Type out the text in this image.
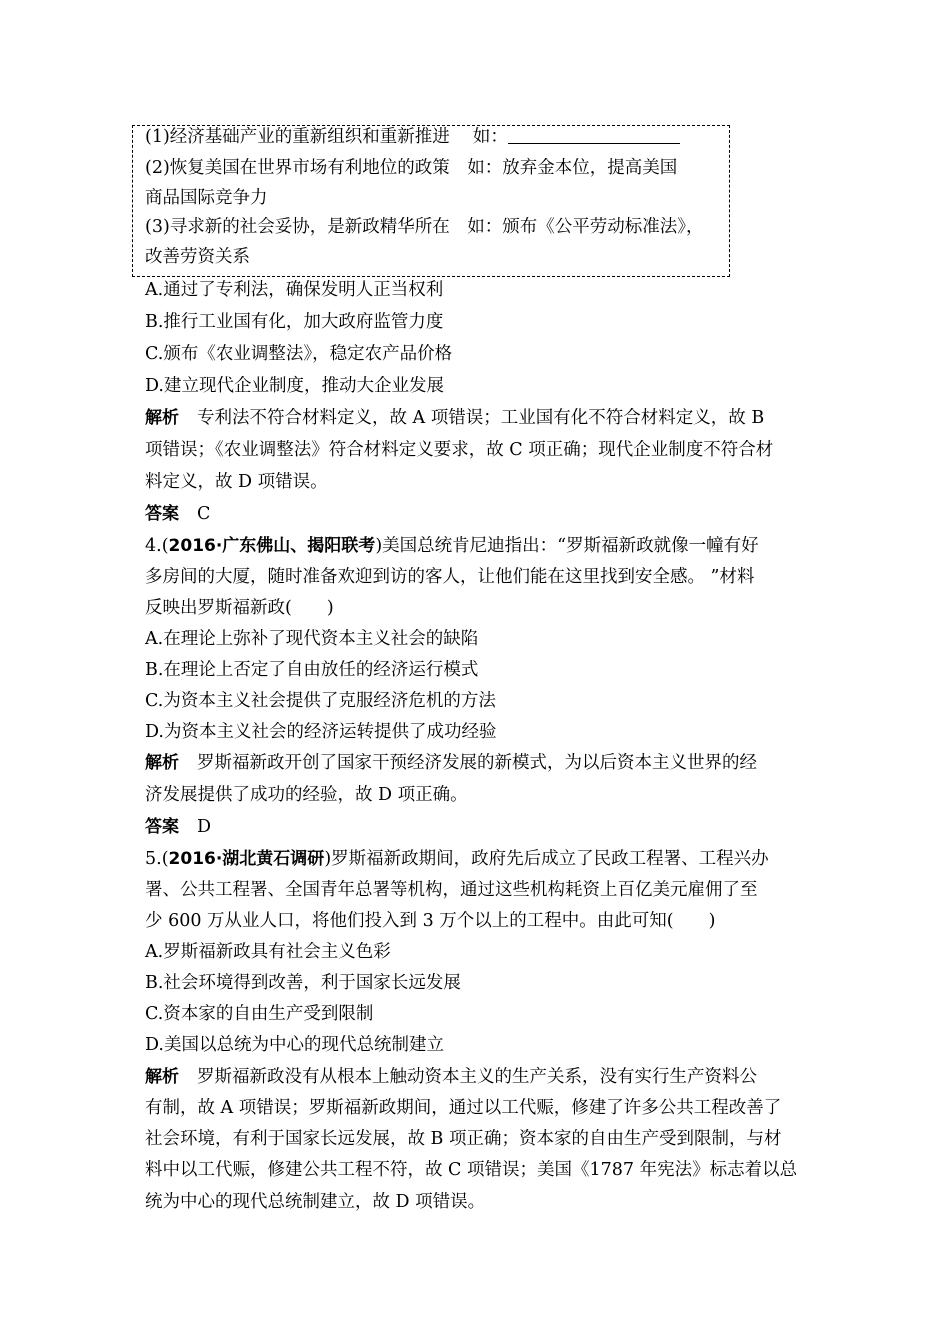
(1)经济基础产业的重新组织和重新推进　 如：
(2)恢复美国在世界市场有利地位的政策　如：放弃金本位，提高美国
商品国际竞争力
(3)寻求新的社会妥协，是新政精华所在　如：颁布《公平劳动标准法》，
改善劳资关系
A.通过了专利法，确保发明人正当权利
B.推行工业国有化，加大政府监管力度
C.颁布《农业调整法》，稳定农产品价格
D.建立现代企业制度，推动大企业发展
解析 专利法不符合材料定义，故 A 项错误；工业国有化不符合材料定义，故 B
项错误；《农业调整法》符合材料定义要求，故 C 项正确；现代企业制度不符合材
料定义，故 D 项错误。
答案 C
4.(2016·广东佛山、揭阳联考)美国总统肯尼迪指出：“罗斯福新政就像一幢有好
多房间的大厦，随时准备欢迎到访的客人，让他们能在这里找到安全感。 ”材料
反映出罗斯福新政(　　)
A.在理论上弥补了现代资本主义社会的缺陷
B.在理论上否定了自由放任的经济运行模式
C.为资本主义社会提供了克服经济危机的方法
D.为资本主义社会的经济运转提供了成功经验
解析 罗斯福新政开创了国家干预经济发展的新模式，为以后资本主义世界的经
济发展提供了成功的经验，故 D 项正确。
答案 D
5.(2016·湖北黄石调研)罗斯福新政期间，政府先后成立了民政工程署、工程兴办
署、公共工程署、全国青年总署等机构，通过这些机构耗资上百亿美元雇佣了至
少 600 万从业人口，将他们投入到 3 万个以上的工程中。由此可知(　　)
A.罗斯福新政具有社会主义色彩
B.社会环境得到改善，利于国家长远发展
C.资本家的自由生产受到限制
D.美国以总统为中心的现代总统制建立
解析 罗斯福新政没有从根本上触动资本主义的生产关系，没有实行生产资料公
有制，故 A 项错误；罗斯福新政期间，通过以工代赈，修建了许多公共工程改善了
社会环境，有利于国家长远发展，故 B 项正确；资本家的自由生产受到限制，与材
料中以工代赈，修建公共工程不符，故 C 项错误；美国《1787 年宪法》标志着以总
统为中心的现代总统制建立，故 D 项错误。
